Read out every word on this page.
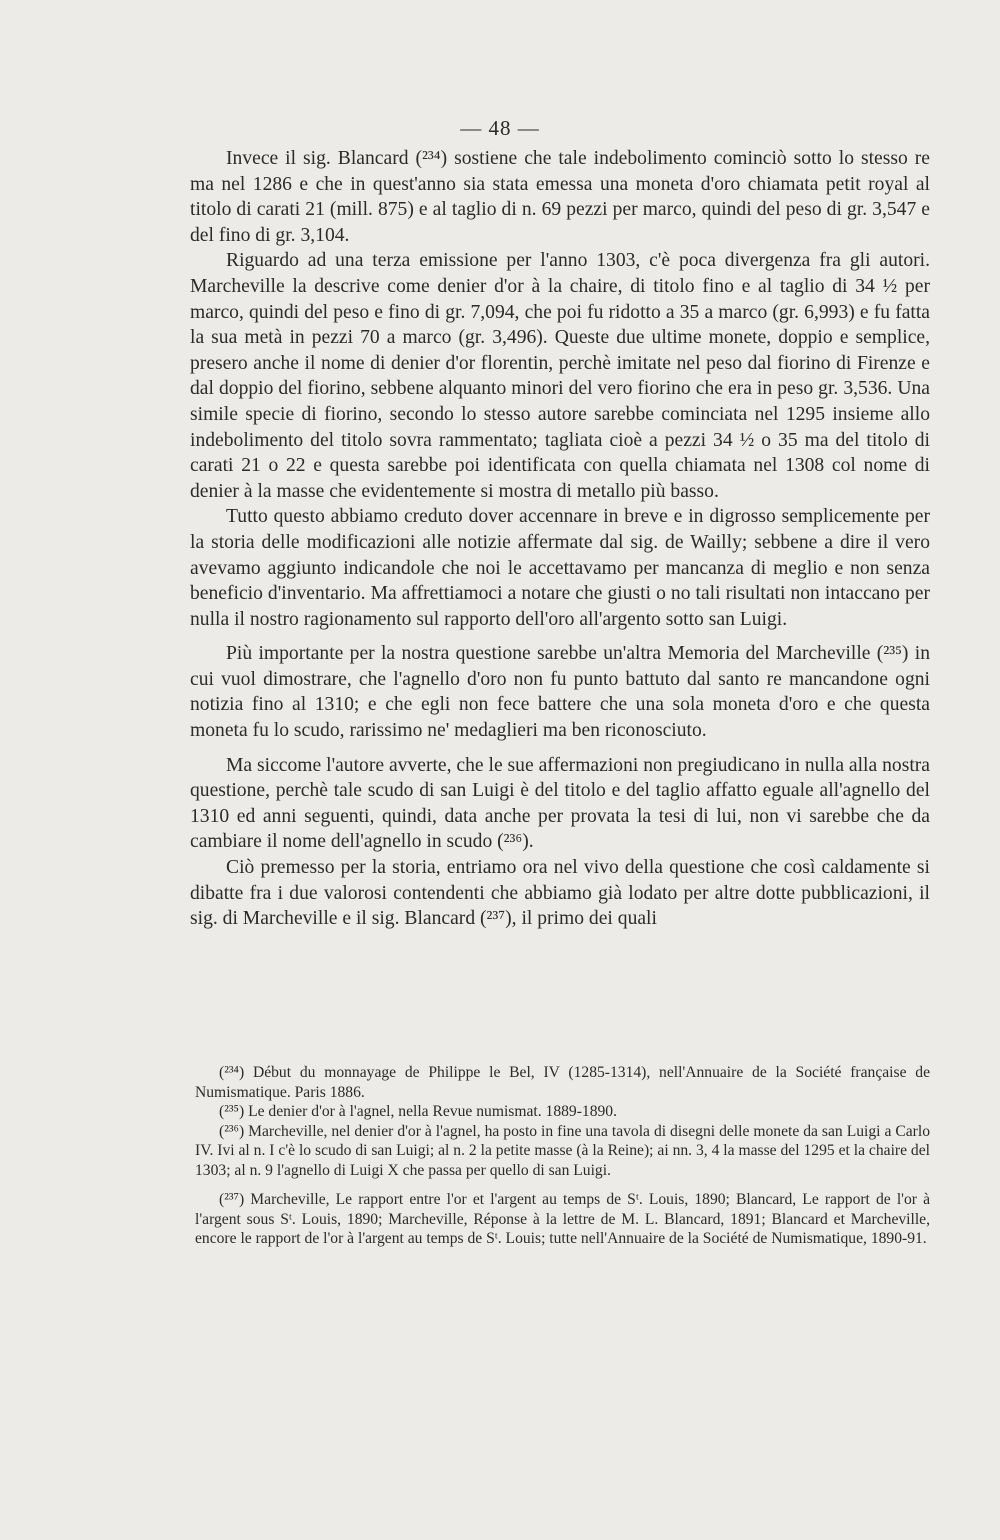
— 48 —

Invece il sig. Blancard (²³⁴) sostiene che tale indebolimento cominciò sotto lo stesso re ma nel 1286 e che in quest'anno sia stata emessa una moneta d'oro chiamata petit royal al titolo di carati 21 (mill. 875) e al taglio di n. 69 pezzi per marco, quindi del peso di gr. 3,547 e del fino di gr. 3,104.

Riguardo ad una terza emissione per l'anno 1303, c'è poca divergenza fra gli autori. Marcheville la descrive come denier d'or à la chaire, di titolo fino e al taglio di 34 ½ per marco, quindi del peso e fino di gr. 7,094, che poi fu ridotto a 35 a marco (gr. 6,993) e fu fatta la sua metà in pezzi 70 a marco (gr. 3,496). Queste due ultime monete, doppio e semplice, presero anche il nome di denier d'or florentin, perchè imitate nel peso dal fiorino di Firenze e dal doppio del fiorino, sebbene alquanto minori del vero fiorino che era in peso gr. 3,536. Una simile specie di fiorino, secondo lo stesso autore sarebbe cominciata nel 1295 insieme allo indebolimento del titolo sovra rammentato; tagliata cioè a pezzi 34 ½ o 35 ma del titolo di carati 21 o 22 e questa sarebbe poi identificata con quella chiamata nel 1308 col nome di denier à la masse che evidentemente si mostra di metallo più basso.

Tutto questo abbiamo creduto dover accennare in breve e in digrosso semplicemente per la storia delle modificazioni alle notizie affermate dal sig. de Wailly; sebbene a dire il vero avevamo aggiunto indicandole che noi le accettavamo per mancanza di meglio e non senza beneficio d'inventario. Ma affrettiamoci a notare che giusti o no tali risultati non intaccano per nulla il nostro ragionamento sul rapporto dell'oro all'argento sotto san Luigi.

Più importante per la nostra questione sarebbe un'altra Memoria del Marcheville (²³⁵) in cui vuol dimostrare, che l'agnello d'oro non fu punto battuto dal santo re mancandone ogni notizia fino al 1310; e che egli non fece battere che una sola moneta d'oro e che questa moneta fu lo scudo, rarissimo ne' medaglieri ma ben riconosciuto.

Ma siccome l'autore avverte, che le sue affermazioni non pregiudicano in nulla alla nostra questione, perchè tale scudo di san Luigi è del titolo e del taglio affatto eguale all'agnello del 1310 ed anni seguenti, quindi, data anche per provata la tesi di lui, non vi sarebbe che da cambiare il nome dell'agnello in scudo (²³⁶).

Ciò premesso per la storia, entriamo ora nel vivo della questione che così caldamente si dibatte fra i due valorosi contendenti che abbiamo già lodato per altre dotte pubblicazioni, il sig. di Marcheville e il sig. Blancard (²³⁷), il primo dei quali

(²³⁴) Début du monnayage de Philippe le Bel, IV (1285-1314), nell'Annuaire de la Société française de Numismatique. Paris 1886.

(²³⁵) Le denier d'or à l'agnel, nella Revue numismat. 1889-1890.

(²³⁶) Marcheville, nel denier d'or à l'agnel, ha posto in fine una tavola di disegni delle monete da san Luigi a Carlo IV. Ivi al n. I c'è lo scudo di san Luigi; al n. 2 la petite masse (à la Reine); ai nn. 3, 4 la masse del 1295 et la chaire del 1303; al n. 9 l'agnello di Luigi X che passa per quello di san Luigi.

(²³⁷) Marcheville, Le rapport entre l'or et l'argent au temps de Sᵗ. Louis, 1890; Blancard, Le rapport de l'or à l'argent sous Sᵗ. Louis, 1890; Marcheville, Réponse à la lettre de M. L. Blancard, 1891; Blancard et Marcheville, encore le rapport de l'or à l'argent au temps de Sᵗ. Louis; tutte nell'Annuaire de la Société de Numismatique, 1890-91.
